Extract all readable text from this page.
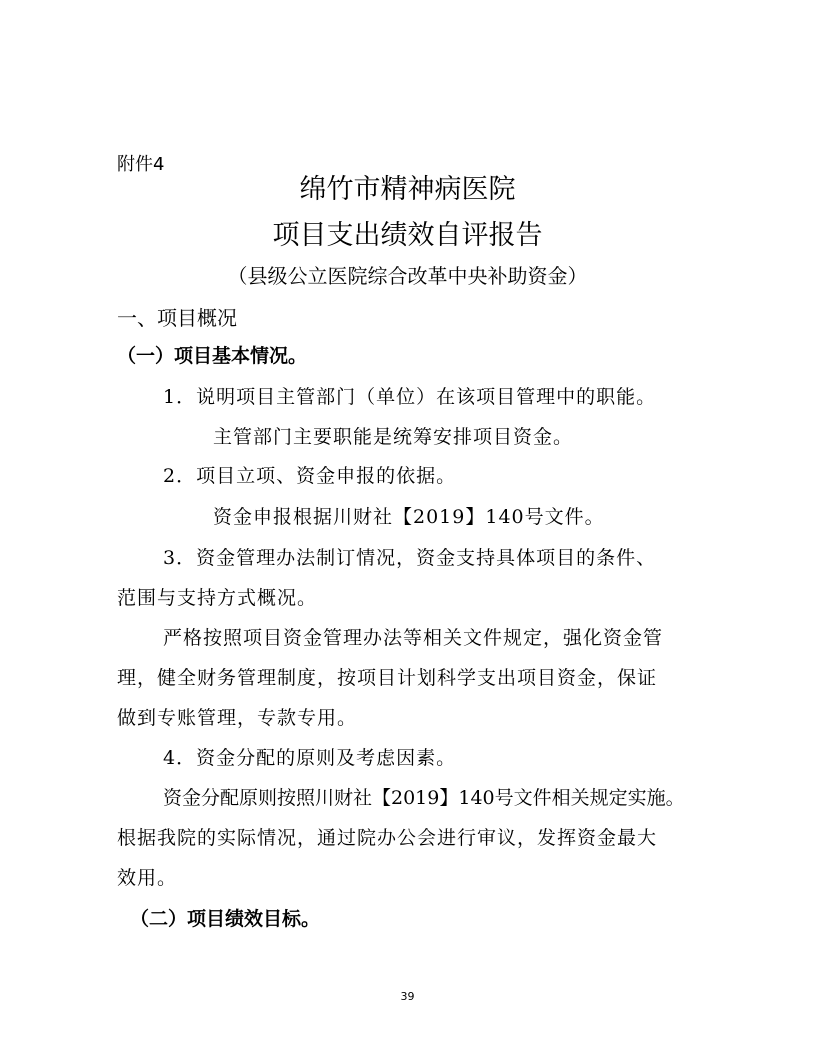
附件4
绵竹市精神病医院
项目支出绩效自评报告
（县级公立医院综合改革中央补助资金）
一、项目概况
（一）项目基本情况。
1．说明项目主管部门（单位）在该项目管理中的职能。
主管部门主要职能是统筹安排项目资金。
2．项目立项、资金申报的依据。
资金申报根据川财社【2019】140号文件。
3．资金管理办法制订情况，资金支持具体项目的条件、
范围与支持方式概况。
严格按照项目资金管理办法等相关文件规定，强化资金管
理，健全财务管理制度，按项目计划科学支出项目资金，保证
做到专账管理，专款专用。
4．资金分配的原则及考虑因素。
资金分配原则按照川财社【2019】140号文件相关规定实施。
根据我院的实际情况，通过院办公会进行审议，发挥资金最大
效用。
（二）项目绩效目标。
39
